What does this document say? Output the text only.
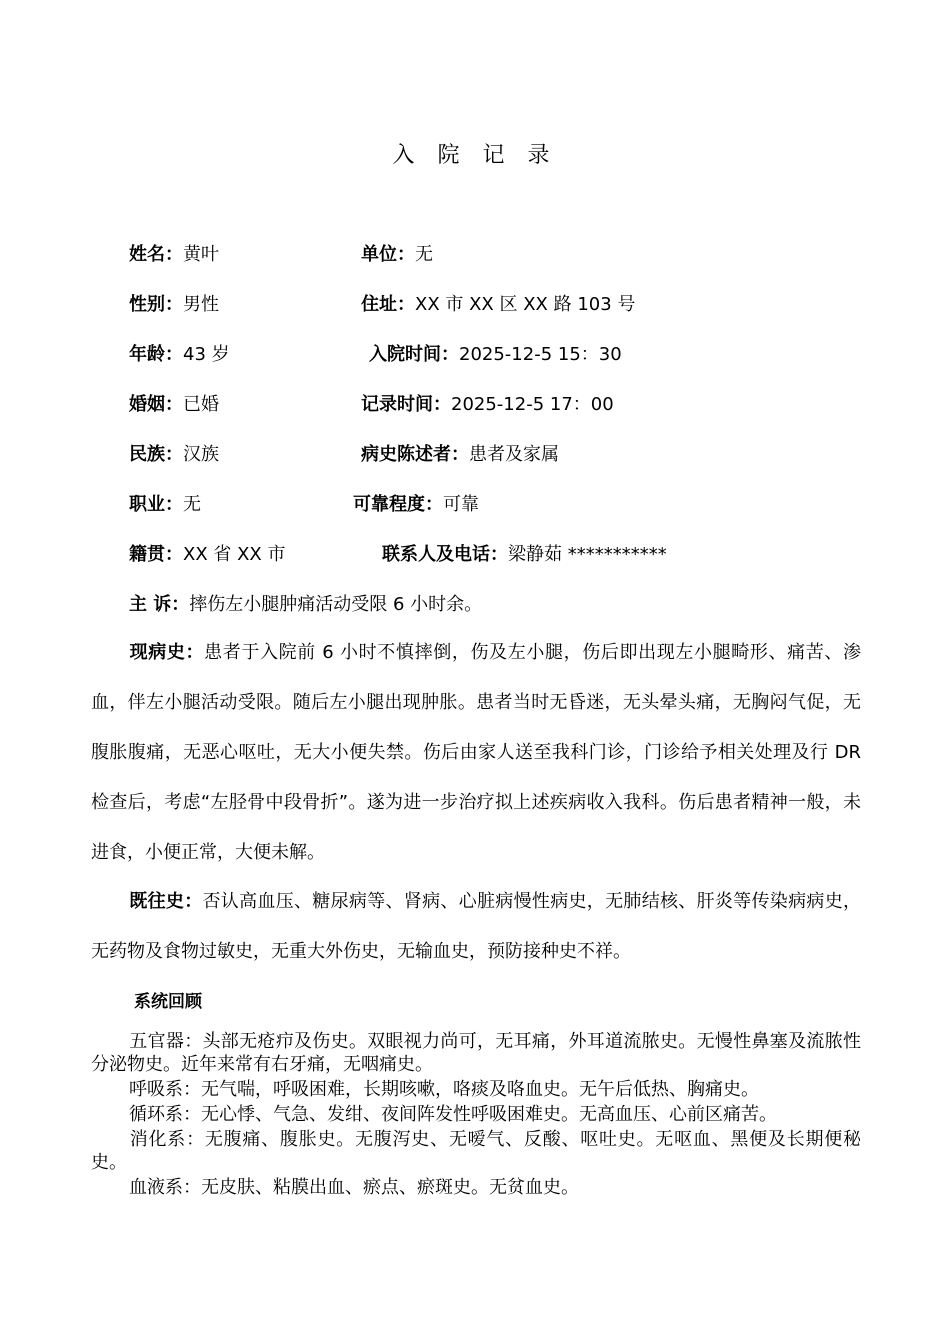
入 院 记 录
姓名：黄叶	单位：无
性别：男性	住址：XX 市 XX 区 XX 路 103 号
年龄：43 岁	入院时间：2025-12-5 15：30
婚姻：已婚	记录时间：2025-12-5 17：00
民族：汉族	病史陈述者：患者及家属
职业：无	可靠程度：可靠
籍贯：XX 省 XX 市	联系人及电话：梁静茹 ***********
主 诉：摔伤左小腿肿痛活动受限 6 小时余。
现病史：患者于入院前 6 小时不慎摔倒，伤及左小腿，伤后即出现左小腿畸形、痛苦、渗血，伴左小腿活动受限。随后左小腿出现肿胀。患者当时无昏迷，无头晕头痛，无胸闷气促，无腹胀腹痛，无恶心呕吐，无大小便失禁。伤后由家人送至我科门诊，门诊给予相关处理及行 DR 检查后，考虑“左胫骨中段骨折”。遂为进一步治疗拟上述疾病收入我科。伤后患者精神一般，未进食，小便正常，大便未解。
既往史：否认高血压、糖尿病等、肾病、心脏病慢性病史，无肺结核、肝炎等传染病病史，无药物及食物过敏史，无重大外伤史，无输血史，预防接种史不祥。
系统回顾
五官器：头部无疮疖及伤史。双眼视力尚可，无耳痛，外耳道流脓史。无慢性鼻塞及流脓性分泌物史。近年来常有右牙痛，无咽痛史。
呼吸系：无气喘，呼吸困难，长期咳嗽，咯痰及咯血史。无午后低热、胸痛史。
循环系：无心悸、气急、发绀、夜间阵发性呼吸困难史。无高血压、心前区痛苦。
消化系：无腹痛、腹胀史。无腹泻史、无嗳气、反酸、呕吐史。无呕血、黑便及长期便秘史。
血液系：无皮肤、粘膜出血、瘀点、瘀斑史。无贫血史。
